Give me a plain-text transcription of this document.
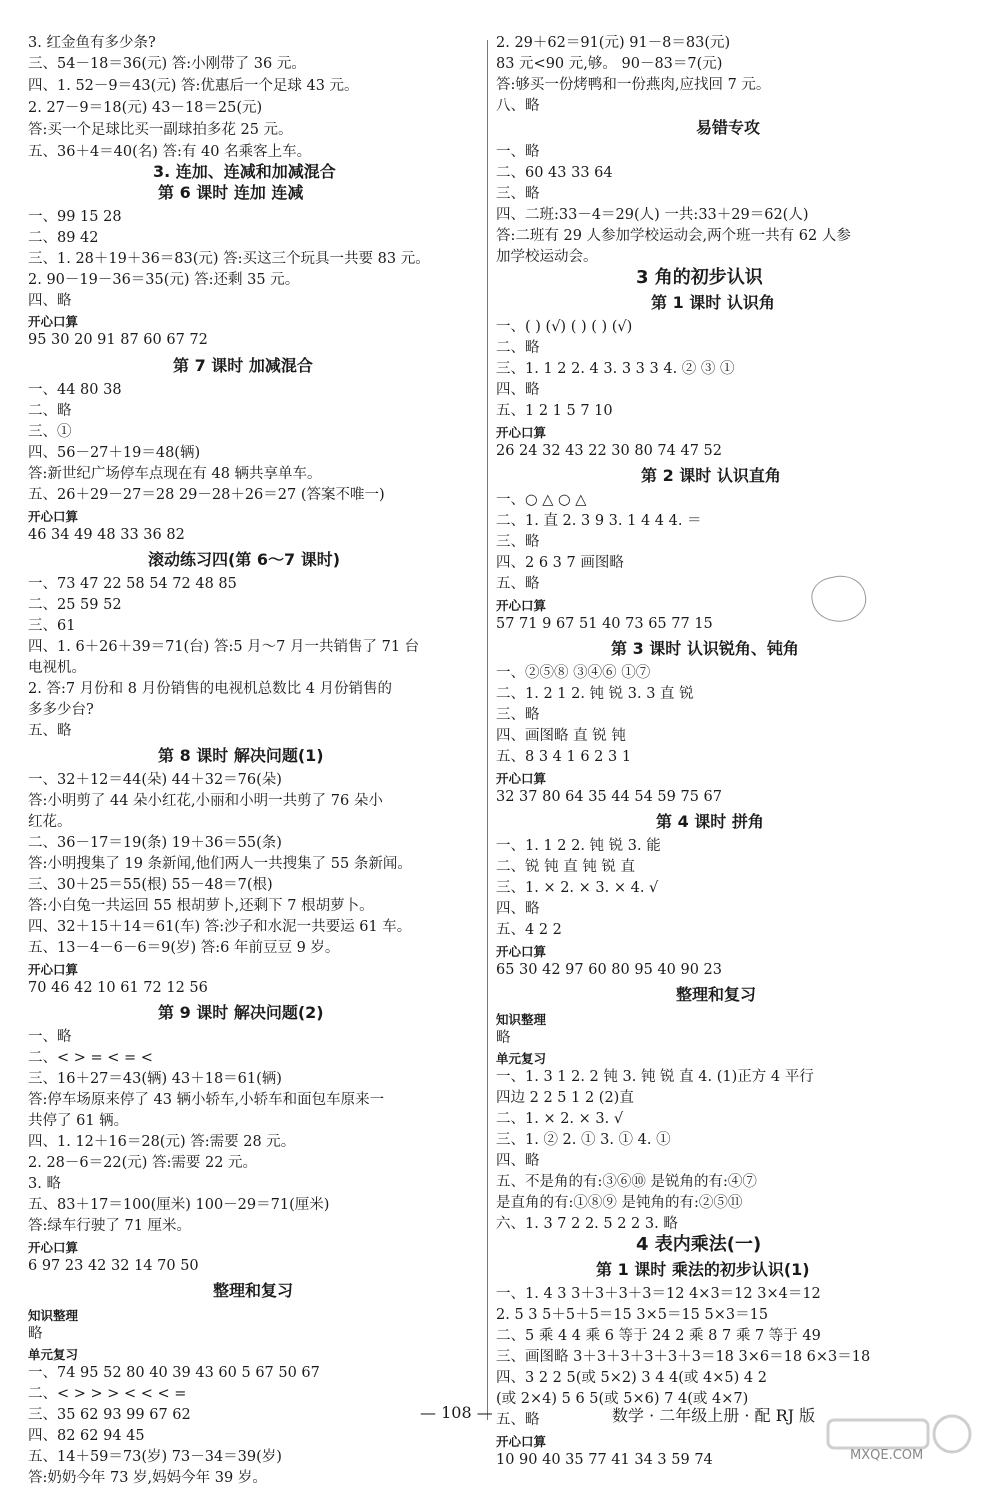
3. 红金鱼有多少条?
三、54－18＝36(元) 答:小刚带了 36 元。
四、1. 52－9＝43(元) 答:优惠后一个足球 43 元。
2. 27－9＝18(元) 43－18＝25(元)
答:买一个足球比买一副球拍多花 25 元。
五、36＋4＝40(名) 答:有 40 名乘客上车。
3. 连加、连减和加减混合
第 6 课时 连加 连减
一、99 15 28
二、89 42
三、1. 28＋19＋36＝83(元) 答:买这三个玩具一共要 83 元。
2. 90－19－36＝35(元) 答:还剩 35 元。
四、略
开心口算
95 30 20 91 87 60 67 72
第 7 课时 加减混合
一、44 80 38
二、略
三、①
四、56－27＋19＝48(辆)
答:新世纪广场停车点现在有 48 辆共享单车。
五、26＋29－27＝28 29－28＋26＝27 (答案不唯一)
开心口算
46 34 49 48 33 36 82
滚动练习四(第 6～7 课时)
一、73 47 22 58 54 72 48 85
二、25 59 52
三、61
四、1. 6＋26＋39＝71(台) 答:5 月～7 月一共销售了 71 台
电视机。
2. 答:7 月份和 8 月份销售的电视机总数比 4 月份销售的
多多少台?
五、略
第 8 课时 解决问题(1)
一、32＋12＝44(朵) 44＋32＝76(朵)
答:小明剪了 44 朵小红花,小丽和小明一共剪了 76 朵小
红花。
二、36－17＝19(条) 19＋36＝55(条)
答:小明搜集了 19 条新闻,他们两人一共搜集了 55 条新闻。
三、30＋25＝55(根) 55－48＝7(根)
答:小白兔一共运回 55 根胡萝卜,还剩下 7 根胡萝卜。
四、32＋15＋14＝61(车) 答:沙子和水泥一共要运 61 车。
五、13－4－6－6＝9(岁) 答:6 年前豆豆 9 岁。
开心口算
70 46 42 10 61 72 12 56
第 9 课时 解决问题(2)
一、略
二、< > = < = <
三、16＋27＝43(辆) 43＋18＝61(辆)
答:停车场原来停了 43 辆小轿车,小轿车和面包车原来一
共停了 61 辆。
四、1. 12＋16＝28(元) 答:需要 28 元。
2. 28－6＝22(元) 答:需要 22 元。
3. 略
五、83＋17＝100(厘米) 100－29＝71(厘米)
答:绿车行驶了 71 厘米。
开心口算
6 97 23 42 32 14 70 50
整理和复习
知识整理
略
单元复习
一、74 95 52 80 40 39 43 60 5 67 50 67
二、< > > > < < < =
三、35 62 93 99 67 62
四、82 62 94 45
五、14＋59＝73(岁) 73－34＝39(岁)
答:奶奶今年 73 岁,妈妈今年 39 岁。
2. 29＋62＝91(元) 91－8＝83(元)
83 元<90 元,够。 90－83＝7(元)
答:够买一份烤鸭和一份燕肉,应找回 7 元。
八、略
易错专攻
一、略
二、60 43 33 64
三、略
四、二班:33－4＝29(人) 一共:33＋29＝62(人)
答:二班有 29 人参加学校运动会,两个班一共有 62 人参
加学校运动会。
3 角的初步认识
第 1 课时 认识角
一、( ) (√) ( ) ( ) (√)
二、略
三、1. 1 2 2. 4 3. 3 3 3 4. ② ③ ①
四、略
五、1 2 1 5 7 10
开心口算
26 24 32 43 22 30 80 74 47 52
第 2 课时 认识直角
一、○ △ ○ △
二、1. 直 2. 3 9 3. 1 4 4 4. ＝
三、略
四、2 6 3 7 画图略
五、略
开心口算
57 71 9 67 51 40 73 65 77 15
第 3 课时 认识锐角、钝角
一、②⑤⑧ ③④⑥ ①⑦
二、1. 2 1 2. 钝 锐 3. 3 直 锐
三、略
四、画图略 直 锐 钝
五、8 3 4 1 6 2 3 1
开心口算
32 37 80 64 35 44 54 59 75 67
第 4 课时 拼角
一、1. 1 2 2. 钝 锐 3. 能
二、锐 钝 直 钝 锐 直
三、1. × 2. × 3. × 4. √
四、略
五、4 2 2
开心口算
65 30 42 97 60 80 95 40 90 23
整理和复习
知识整理
略
单元复习
一、1. 3 1 2. 2 钝 3. 钝 锐 直 4. (1)正方 4 平行
四边 2 2 5 1 2 (2)直
二、1. × 2. × 3. √
三、1. ② 2. ① 3. ① 4. ①
四、略
五、不是角的有:③⑥⑩ 是锐角的有:④⑦
是直角的有:①⑧⑨ 是钝角的有:②⑤⑪
六、1. 3 7 2 2. 5 2 2 3. 略
4 表内乘法(一)
第 1 课时 乘法的初步认识(1)
一、1. 4 3 3＋3＋3＋3＝12 4×3＝12 3×4＝12
2. 5 3 5＋5＋5＝15 3×5＝15 5×3＝15
二、5 乘 4 4 乘 6 等于 24 2 乘 8 7 乘 7 等于 49
三、画图略 3＋3＋3＋3＋3＋3＝18 3×6＝18 6×3＝18
四、3 2 2 5(或 5×2) 3 4 4(或 4×5) 4 2
(或 2×4) 5 6 5(或 5×6) 7 4(或 4×7)
五、略
开心口算
10 90 40 35 77 41 34 3 59 74
— 108 —	数学 · 二年级上册 · 配 RJ 版
MXQE.COM
